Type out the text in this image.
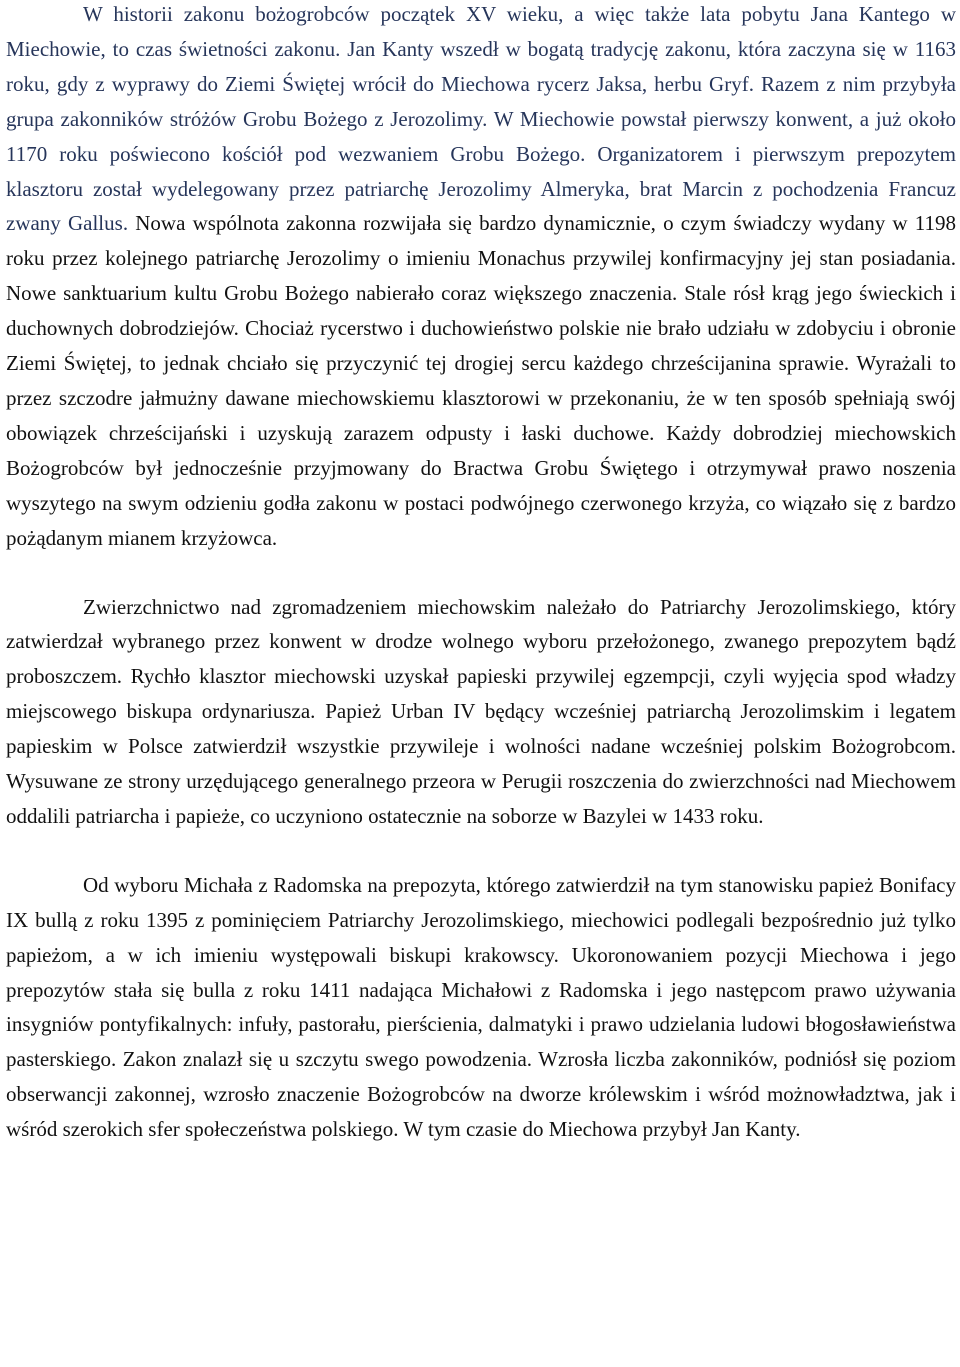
W historii zakonu bożogrobców początek XV wieku, a więc także lata pobytu Jana Kantego w Miechowie, to czas świetności zakonu. Jan Kanty wszedł w bogatą tradycję zakonu, która zaczyna się w 1163 roku, gdy z wyprawy do Ziemi Świętej wrócił do Miechowa rycerz Jaksa, herbu Gryf. Razem z nim przybyła grupa zakonników stróżów Grobu Bożego z Jerozolimy. W Miechowie powstał pierwszy konwent, a już około 1170 roku poświecono kościół pod wezwaniem Grobu Bożego. Organizatorem i pierwszym prepozytem klasztoru został wydelegowany przez patriarchę Jerozolimy Almeryka, brat Marcin z pochodzenia Francuz zwany Gallus. Nowa wspólnota zakonna rozwijała się bardzo dynamicznie, o czym świadczy wydany w 1198 roku przez kolejnego patriarchę Jerozolimy o imieniu Monachus przywilej konfirmacyjny jej stan posiadania. Nowe sanktuarium kultu Grobu Bożego nabierało coraz większego znaczenia. Stale rósł krąg jego świeckich i duchownych dobrodziejów. Chociaż rycerstwo i duchowieństwo polskie nie brało udziału w zdobyciu i obronie Ziemi Świętej, to jednak chciało się przyczynić tej drogiej sercu każdego chrześcijanina sprawie. Wyrażali to przez szczodre jałmużny dawane miechowskiemu klasztorowi w przekonaniu, że w ten sposób spełniają swój obowiązek chrześcijański i uzyskują zarazem odpusty i łaski duchowe. Każdy dobrodziej miechowskich Bożogrobców był jednocześnie przyjmowany do Bractwa Grobu Świętego i otrzymywał prawo noszenia wyszytego na swym odzieniu godła zakonu w postaci podwójnego czerwonego krzyża, co wiązało się z bardzo pożądanym mianem krzyżowca.

Zwierzchnictwo nad zgromadzeniem miechowskim należało do Patriarchy Jerozolimskiego, który zatwierdzał wybranego przez konwent w drodze wolnego wyboru przełożonego, zwanego prepozytem bądź proboszczem. Rychło klasztor miechowski uzyskał papieski przywilej egzempcji, czyli wyjęcia spod władzy miejscowego biskupa ordynariusza. Papież Urban IV będący wcześniej patriarchą Jerozolimskim i legatem papieskim w Polsce zatwierdził wszystkie przywileje i wolności nadane wcześniej polskim Bożogrobcom. Wysuwane ze strony urzędującego generalnego przeora w Perugii roszczenia do zwierzchności nad Miechowem oddalili patriarcha i papieże, co uczyniono ostatecznie na soborze w Bazylei w 1433 roku.

Od wyboru Michała z Radomska na prepozyta, którego zatwierdził na tym stanowisku papież Bonifacy IX bullą z roku 1395 z pominięciem Patriarchy Jerozolimskiego, miechowici podlegali bezpośrednio już tylko papieżom, a w ich imieniu występowali biskupi krakowscy. Ukoronowaniem pozycji Miechowa i jego prepozytów stała się bulla z roku 1411 nadająca Michałowi z Radomska i jego następcom prawo używania insygniów pontyfikalnych: infuły, pastorału, pierścienia, dalmatyki i prawo udzielania ludowi błogosławieństwa pasterskiego. Zakon znalazł się u szczytu swego powodzenia. Wzrosła liczba zakonników, podniósł się poziom obserwancji zakonnej, wzrosło znaczenie Bożogrobców na dworze królewskim i wśród możnowładztwa, jak i wśród szerokich sfer społeczeństwa polskiego. W tym czasie do Miechowa przybył Jan Kanty.
